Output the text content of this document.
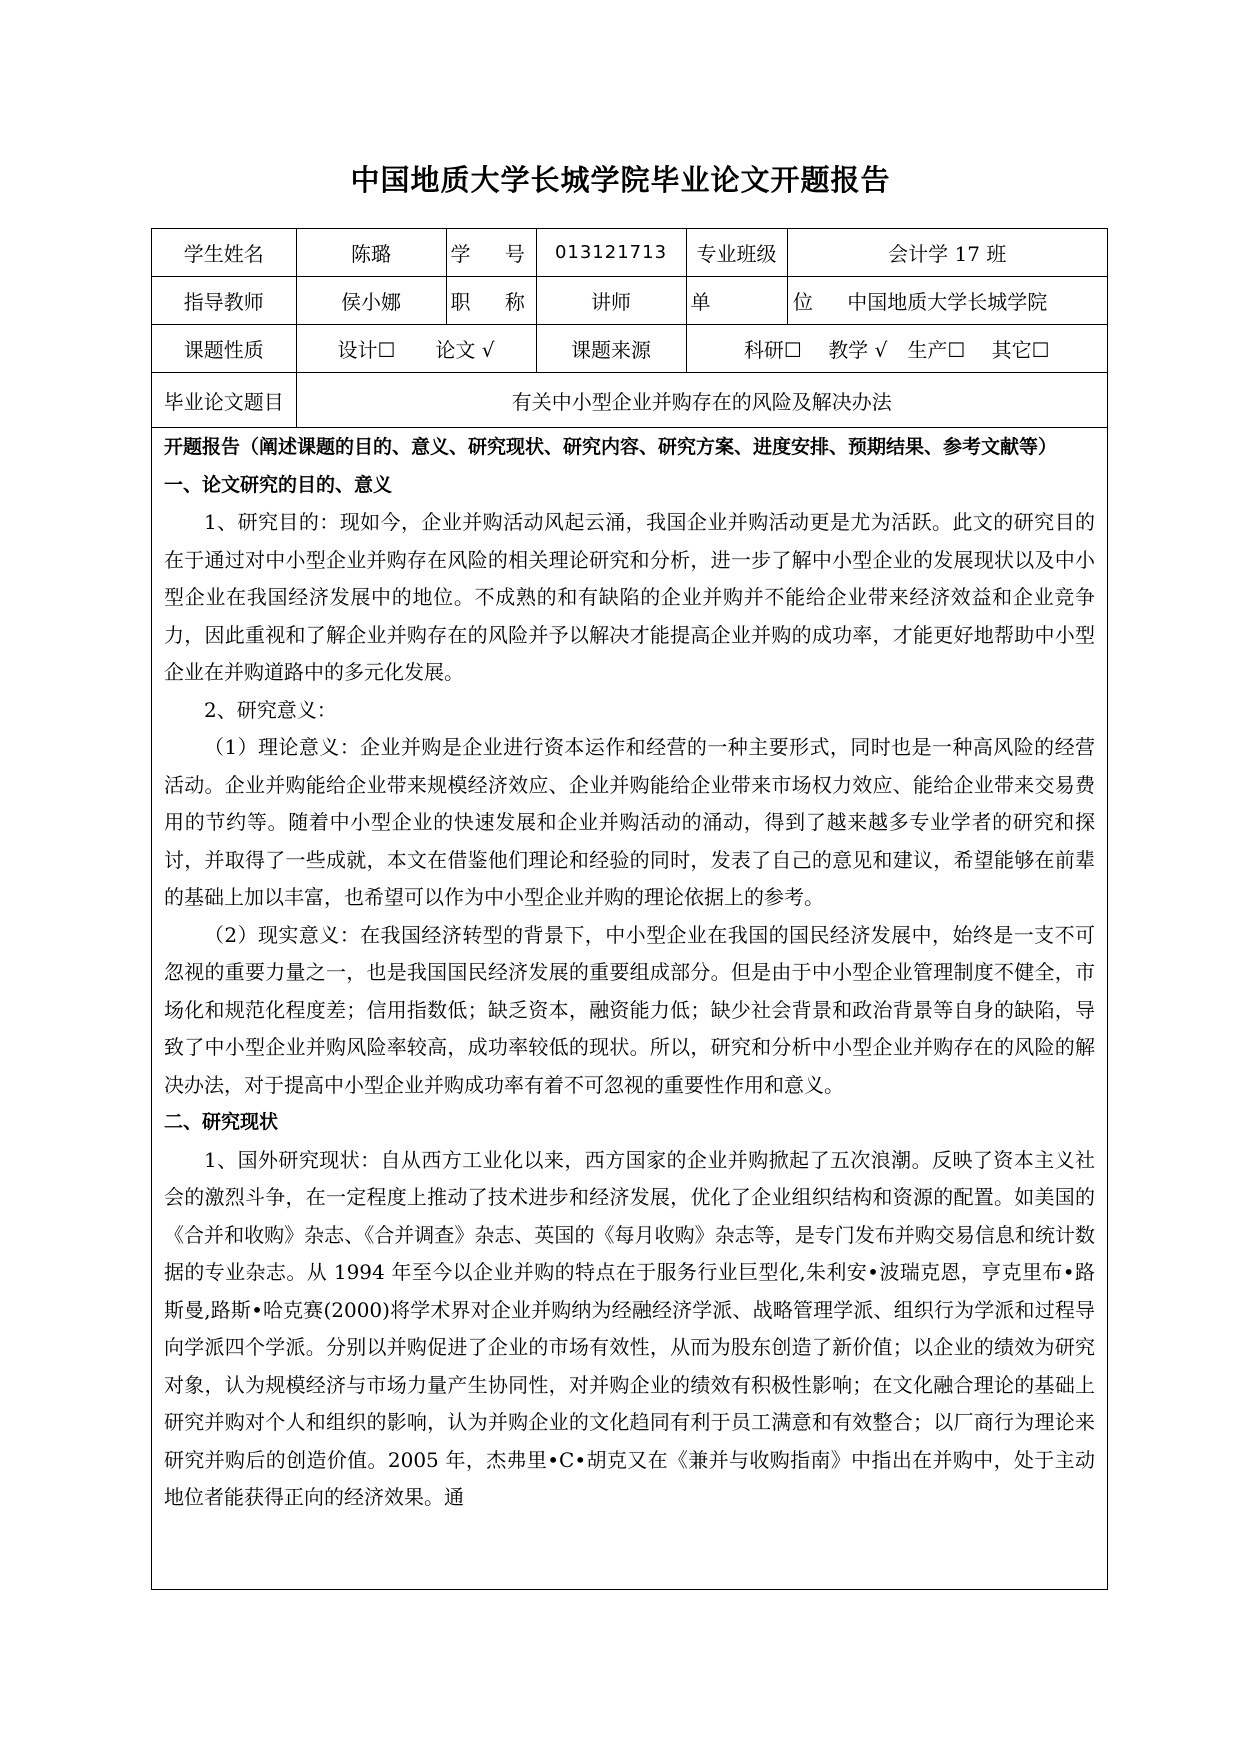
中国地质大学长城学院毕业论文开题报告
学生姓名	陈璐	学 号	013121713	专业班级	会计学 17 班
指导教师	侯小娜	职 称	讲师	单 位	中国地质大学长城学院
课题性质	设计☐　　论文 √		课题来源	科研☐　 教学 √　生产☐　 其它☐	
毕业论文题目	有关中小型企业并购存在的风险及解决办法				

开题报告（阐述课题的目的、意义、研究现状、研究内容、研究方案、进度安排、预期结果、参考文献等）

一、论文研究的目的、意义

1、研究目的：现如今，企业并购活动风起云涌，我国企业并购活动更是尤为活跃。此文的研究目的在于通过对中小型企业并购存在风险的相关理论研究和分析，进一步了解中小型企业的发展现状以及中小型企业在我国经济发展中的地位。不成熟的和有缺陷的企业并购并不能给企业带来经济效益和企业竞争力，因此重视和了解企业并购存在的风险并予以解决才能提高企业并购的成功率，才能更好地帮助中小型企业在并购道路中的多元化发展。

2、研究意义：

（1）理论意义：企业并购是企业进行资本运作和经营的一种主要形式，同时也是一种高风险的经营活动。企业并购能给企业带来规模经济效应、企业并购能给企业带来市场权力效应、能给企业带来交易费用的节约等。随着中小型企业的快速发展和企业并购活动的涌动，得到了越来越多专业学者的研究和探讨，并取得了一些成就，本文在借鉴他们理论和经验的同时，发表了自己的意见和建议，希望能够在前辈的基础上加以丰富，也希望可以作为中小型企业并购的理论依据上的参考。

（2）现实意义：在我国经济转型的背景下，中小型企业在我国的国民经济发展中，始终是一支不可忽视的重要力量之一，也是我国国民经济发展的重要组成部分。但是由于中小型企业管理制度不健全，市场化和规范化程度差；信用指数低；缺乏资本，融资能力低；缺少社会背景和政治背景等自身的缺陷，导致了中小型企业并购风险率较高，成功率较低的现状。所以，研究和分析中小型企业并购存在的风险的解决办法，对于提高中小型企业并购成功率有着不可忽视的重要性作用和意义。

二、研究现状

1、国外研究现状：自从西方工业化以来，西方国家的企业并购掀起了五次浪潮。反映了资本主义社会的激烈斗争，在一定程度上推动了技术进步和经济发展，优化了企业组织结构和资源的配置。如美国的《合并和收购》杂志、《合并调查》杂志、英国的《每月收购》杂志等，是专门发布并购交易信息和统计数据的专业杂志。从 1994 年至今以企业并购的特点在于服务行业巨型化,朱利安•波瑞克恩，亨克里布•路斯曼,路斯•哈克赛(2000)将学术界对企业并购纳为经融经济学派、战略管理学派、组织行为学派和过程导向学派四个学派。分别以并购促进了企业的市场有效性，从而为股东创造了新价值；以企业的绩效为研究对象，认为规模经济与市场力量产生协同性，对并购企业的绩效有积极性影响；在文化融合理论的基础上研究并购对个人和组织的影响，认为并购企业的文化趋同有利于员工满意和有效整合；以厂商行为理论来研究并购后的创造价值。2005 年，杰弗里•C•胡克又在《兼并与收购指南》中指出在并购中，处于主动地位者能获得正向的经济效果。通
